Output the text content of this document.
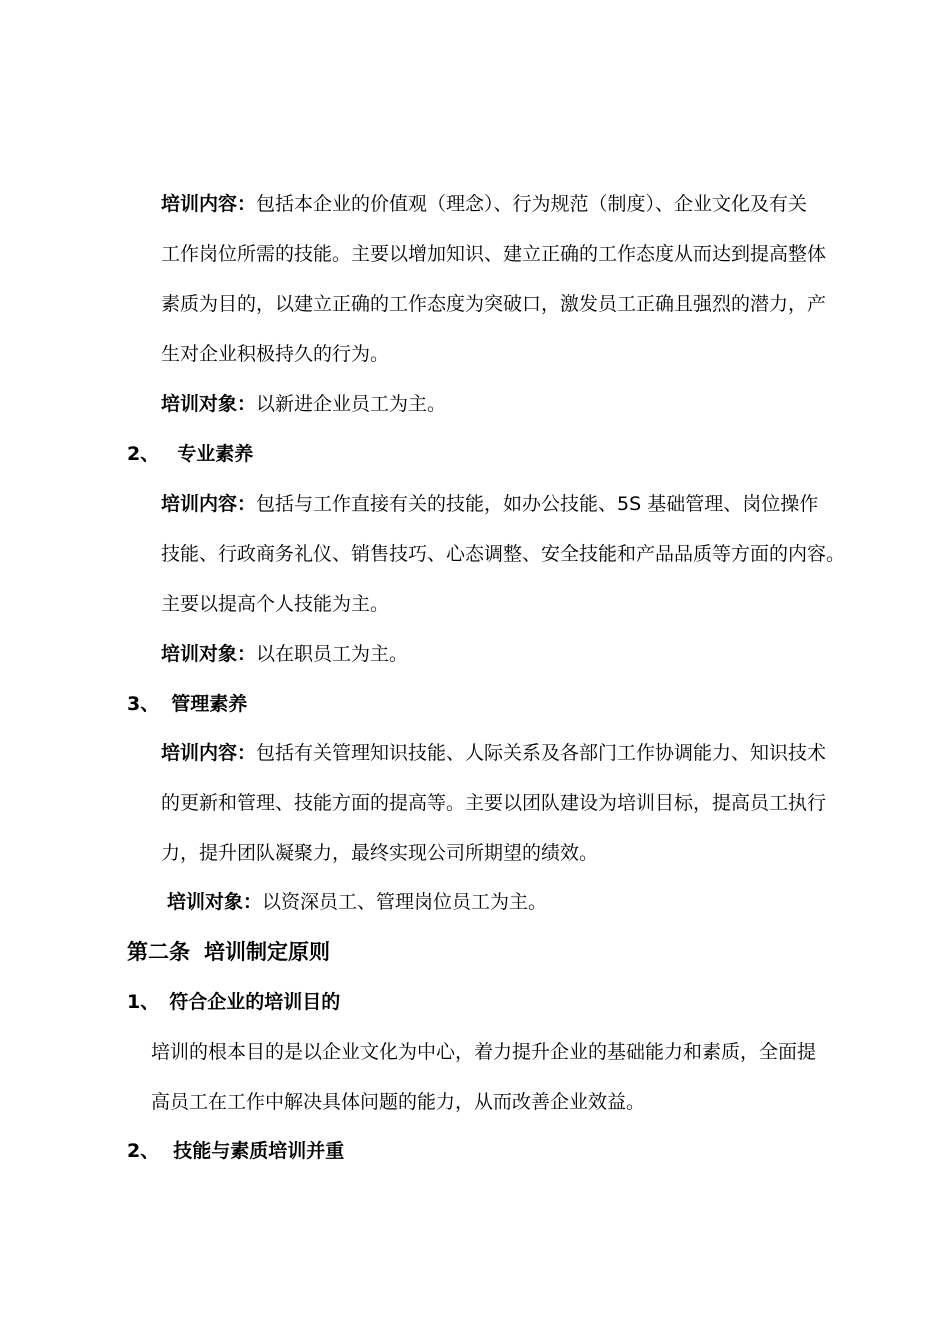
培训内容：包括本企业的价值观（理念）、行为规范（制度）、企业文化及有关
工作岗位所需的技能。主要以增加知识、建立正确的工作态度从而达到提高整体
素质为目的，以建立正确的工作态度为突破口，激发员工正确且强烈的潜力，产
生对企业积极持久的行为。
培训对象：以新进企业员工为主。
2、 专业素养
培训内容：包括与工作直接有关的技能，如办公技能、5S 基础管理、岗位操作
技能、行政商务礼仪、销售技巧、心态调整、安全技能和产品品质等方面的内容。
主要以提高个人技能为主。
培训对象：以在职员工为主。
3、 管理素养
培训内容：包括有关管理知识技能、人际关系及各部门工作协调能力、知识技术
的更新和管理、技能方面的提高等。主要以团队建设为培训目标，提高员工执行
力，提升团队凝聚力，最终实现公司所期望的绩效。
培训对象：以资深员工、管理岗位员工为主。
第二条 培训制定原则
1、 符合企业的培训目的
培训的根本目的是以企业文化为中心，着力提升企业的基础能力和素质，全面提
高员工在工作中解决具体问题的能力，从而改善企业效益。
2、 技能与素质培训并重
